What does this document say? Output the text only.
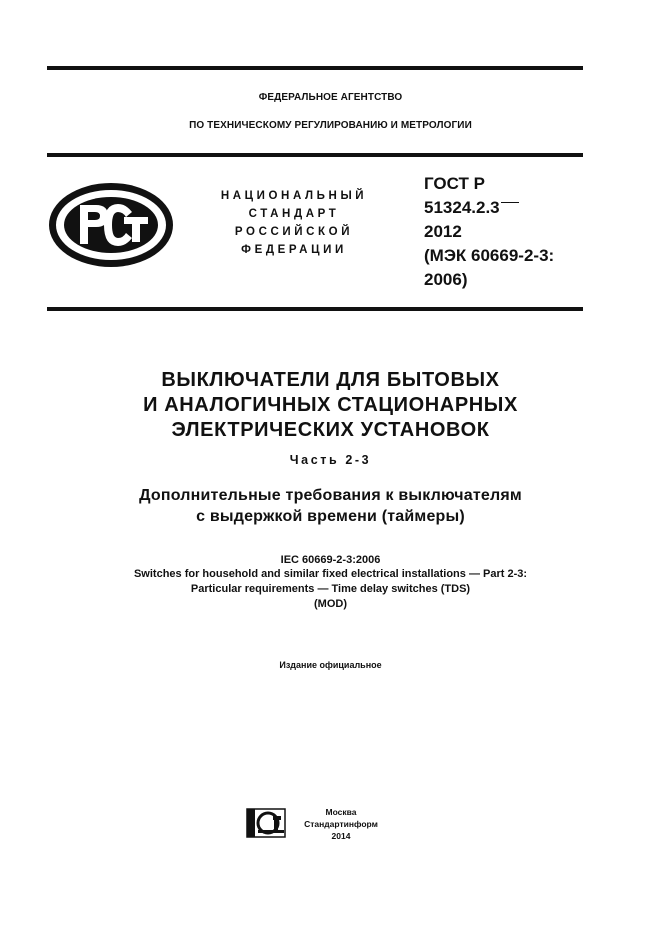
ФЕДЕРАЛЬНОЕ АГЕНТСТВО
ПО ТЕХНИЧЕСКОМУ РЕГУЛИРОВАНИЮ И МЕТРОЛОГИИ
НАЦИОНАЛЬНЫЙ
СТАНДАРТ
РОССИЙСКОЙ
ФЕДЕРАЦИИ
ГОСТ Р
51324.2.3
2012
(МЭК 60669-2-3:
2006)
ВЫКЛЮЧАТЕЛИ ДЛЯ БЫТОВЫХ
И АНАЛОГИЧНЫХ СТАЦИОНАРНЫХ
ЭЛЕКТРИЧЕСКИХ УСТАНОВОК
Часть 2-3
Дополнительные требования к выключателям
с выдержкой времени (таймеры)
IEC 60669-2-3:2006
Switches for household and similar fixed electrical installations — Part 2-3:
Particular requirements — Time delay switches (TDS)
(MOD)
Издание официальное
Москва
Стандартинформ
2014
